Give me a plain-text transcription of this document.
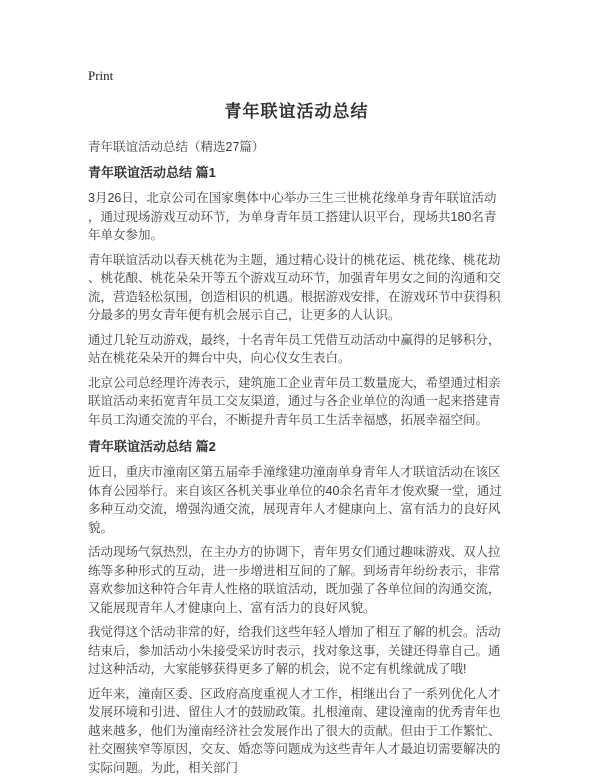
Print
青年联谊活动总结
青年联谊活动总结（精选27篇）
青年联谊活动总结 篇1

3月26日，北京公司在国家奥体中心举办三生三世桃花缘单身青年联谊活动，通过现场游戏互动环节，为单身青年员工搭建认识平台，现场共180名青年单女参加。

青年联谊活动以春天桃花为主题，通过精心设计的桃花运、桃花缘、桃花劫、桃花酿、桃花朵朵开等五个游戏互动环节，加强青年男女之间的沟通和交流，营造轻松氛围，创造相识的机遇。根据游戏安排，在游戏环节中获得积分最多的男女青年便有机会展示自己，让更多的人认识。

通过几轮互动游戏，最终，十名青年员工凭借互动活动中赢得的足够积分，站在桃花朵朵开的舞台中央，向心仪女生表白。

北京公司总经理许涛表示，建筑施工企业青年员工数量庞大，希望通过相亲联谊活动来拓宽青年员工交友渠道，通过与各企业单位的沟通一起来搭建青年员工沟通交流的平台，不断提升青年员工生活幸福感，拓展幸福空间。

青年联谊活动总结 篇2

近日，重庆市潼南区第五届牵手潼缘建功潼南单身青年人才联谊活动在该区体育公园举行。来自该区各机关事业单位的40余名青年才俊欢聚一堂，通过多种互动交流，增强沟通交流，展现青年人才健康向上、富有活力的良好风貌。

活动现场气氛热烈，在主办方的协调下，青年男女们通过趣味游戏、双人拉练等多种形式的互动，进一步增进相互间的了解。到场青年纷纷表示，非常喜欢参加这种符合年青人性格的联谊活动，既加强了各单位间的沟通交流，又能展现青年人才健康向上、富有活力的良好风貌。

我觉得这个活动非常的好，给我们这些年轻人增加了相互了解的机会。活动结束后，参加活动小朱接受采访时表示，找对象这事，关键还得靠自己。通过这种活动，大家能够获得更多了解的机会，说不定有机缘就成了哦!

近年来，潼南区委、区政府高度重视人才工作，相继出台了一系列优化人才发展环境和引进、留住人才的鼓励政策。扎根潼南、建设潼南的优秀青年也越来越多，他们为潼南经济社会发展作出了很大的贡献。但由于工作繁忙、社交圈狭窄等原因，交友、婚恋等问题成为这些青年人才最迫切需要解决的实际问题。为此，相关部门
